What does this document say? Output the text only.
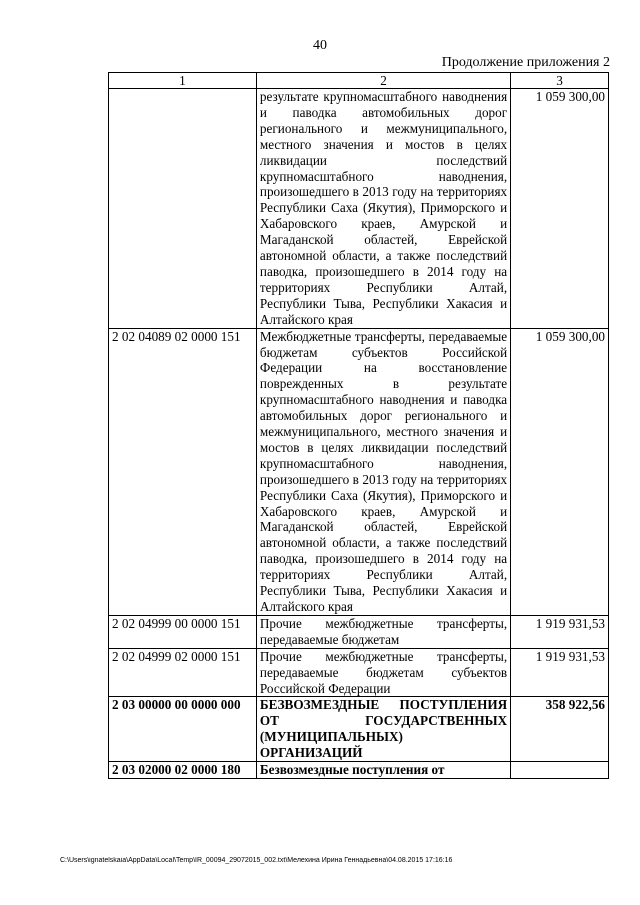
40
Продолжение приложения 2
1	2	3
	результате крупномасштабного наводнения и паводка автомобильных дорог регионального и межмуниципального, местного значения и мостов в целях ликвидации последствий крупномасштабного наводнения, произошедшего в 2013 году на территориях Республики Саха (Якутия), Приморского и Хабаровского краев, Амурской и Магаданской областей, Еврейской автономной области, а также последствий паводка, произошедшего в 2014 году на территориях Республики Алтай, Республики Тыва, Республики Хакасия и Алтайского края	1 059 300,00
2 02 04089 02 0000 151	Межбюджетные трансферты, передаваемые бюджетам субъектов Российской Федерации на восстановление поврежденных в результате крупномасштабного наводнения и паводка автомобильных дорог регионального и межмуниципального, местного значения и мостов в целях ликвидации последствий крупномасштабного наводнения, произошедшего в 2013 году на территориях Республики Саха (Якутия), Приморского и Хабаровского краев, Амурской и Магаданской областей, Еврейской автономной области, а также последствий паводка, произошедшего в 2014 году на территориях Республики Алтай, Республики Тыва, Республики Хакасия и Алтайского края	1 059 300,00
2 02 04999 00 0000 151	Прочие межбюджетные трансферты, передаваемые бюджетам	1 919 931,53
2 02 04999 02 0000 151	Прочие межбюджетные трансферты, передаваемые бюджетам субъектов Российской Федерации	1 919 931,53
2 03 00000 00 0000 000	БЕЗВОЗМЕЗДНЫЕ ПОСТУПЛЕНИЯ ОТ ГОСУДАРСТВЕННЫХ (МУНИЦИПАЛЬНЫХ) ОРГАНИЗАЦИЙ	358 922,56
2 03 02000 02 0000 180	Безвозмездные поступления от	
C:\Users\ignatelskaia\AppData\Local\Temp\IR_00094_29072015_002.txt\Мелехина Ирина Геннадьевна\04.08.2015 17:16:16
